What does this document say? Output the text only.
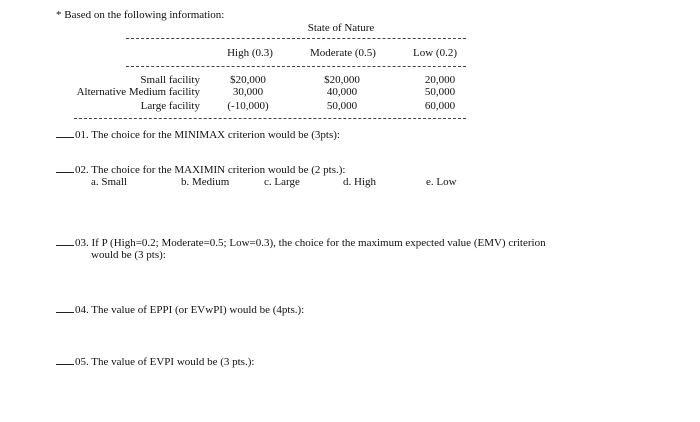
* Based on the following information:
State of Nature
High (0.3)	Moderate (0.5)	Low (0.2)
Small facility	$20,000	$20,000	20,000
Alternative Medium facility	30,000	40,000	50,000
Large facility	(-10,000)	50,000	60,000
01. The choice for the MINIMAX criterion would be (3pts):
02. The choice for the MAXIMIN criterion would be (2 pts.):
a. Small	b. Medium	c. Large	d. High	e. Low
03. If P (High=0.2; Moderate=0.5; Low=0.3), the choice for the maximum expected value (EMV) criterion
would be (3 pts):
04. The value of EPPI (or EVwPI) would be (4pts.):
05. The value of EVPI would be (3 pts.):
